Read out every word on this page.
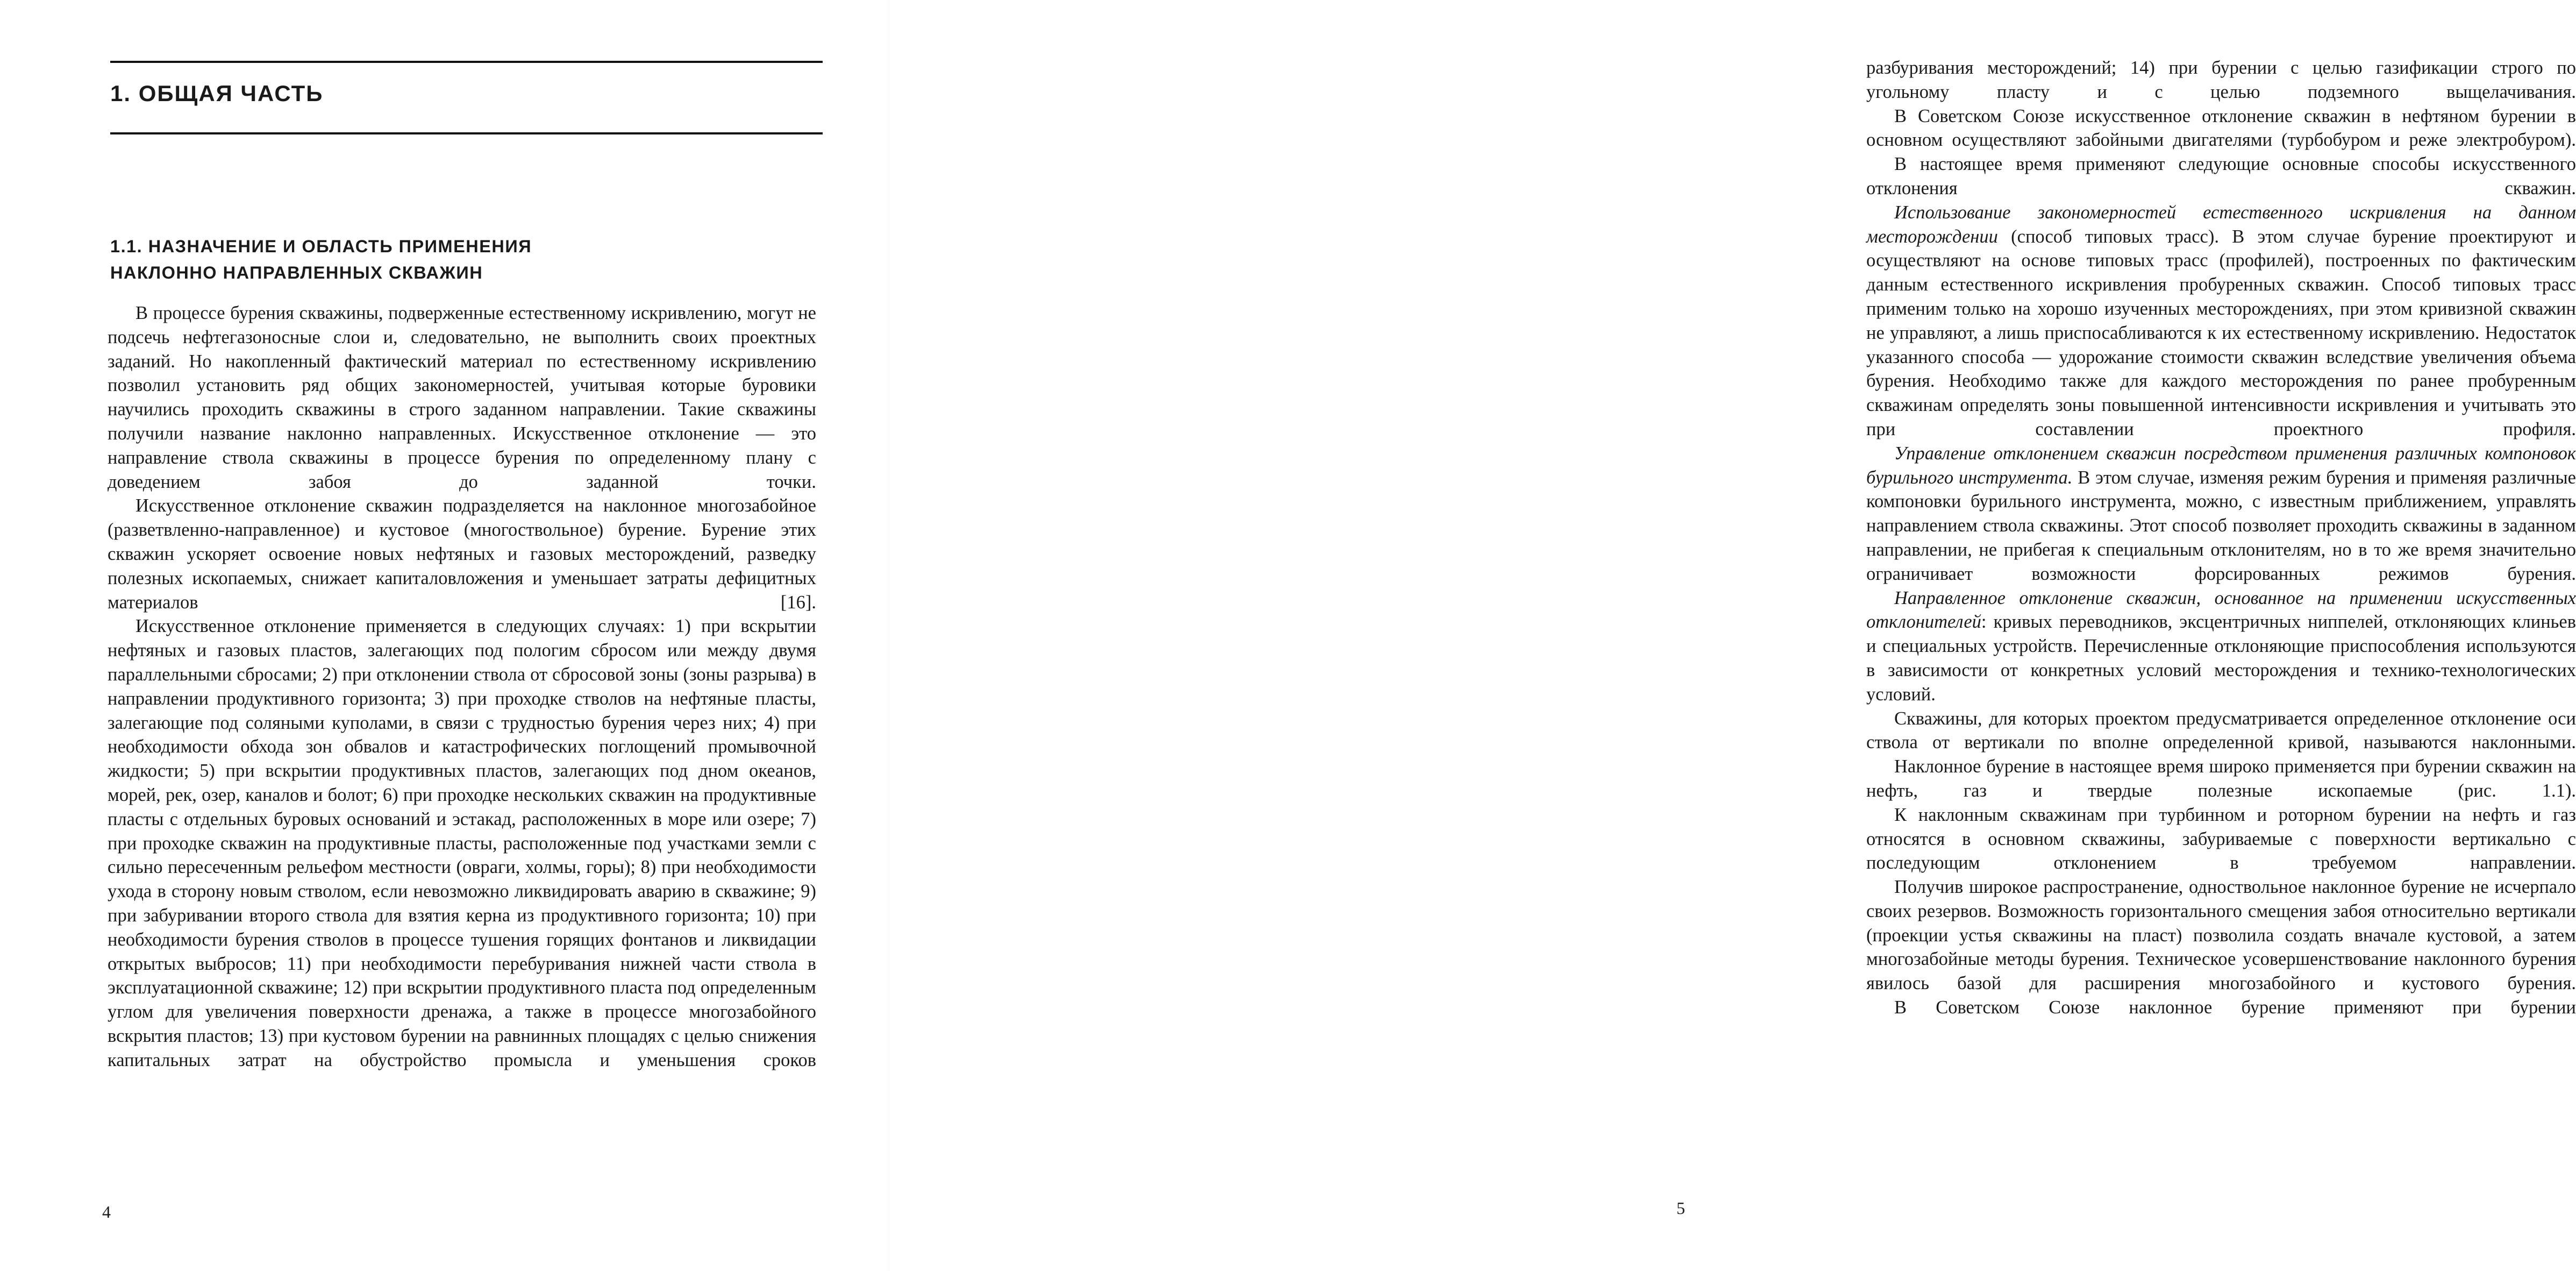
1. ОБЩАЯ ЧАСТЬ
1.1. НАЗНАЧЕНИЕ И ОБЛАСТЬ ПРИМЕНЕНИЯ
НАКЛОННО НАПРАВЛЕННЫХ СКВАЖИН

В процессе бурения скважины, подверженные естественному искривлению, могут не подсечь нефтегазоносные слои и, следовательно, не выполнить своих проектных заданий. Но накопленный фактический материал по естественному искривлению позволил установить ряд общих закономерностей, учитывая которые буровики научились проходить скважины в строго заданном направлении. Такие скважины получили название наклонно направленных. Искусственное отклонение — это направление ствола скважины в процессе бурения по определенному плану с доведением забоя до заданной точки.

Искусственное отклонение скважин подразделяется на наклонное многозабойное (разветвленно-направленное) и кустовое (многоствольное) бурение. Бурение этих скважин ускоряет освоение новых нефтяных и газовых месторождений, разведку полезных ископаемых, снижает капиталовложения и уменьшает затраты дефицитных материалов [16].

Искусственное отклонение применяется в следующих случаях: 1) при вскрытии нефтяных и газовых пластов, залегающих под пологим сбросом или между двумя параллельными сбросами; 2) при отклонении ствола от сбросовой зоны (зоны разрыва) в направлении продуктивного горизонта; 3) при проходке стволов на нефтяные пласты, залегающие под соляными куполами, в связи с трудностью бурения через них; 4) при необходимости обхода зон обвалов и катастрофических поглощений промывочной жидкости; 5) при вскрытии продуктивных пластов, залегающих под дном океанов, морей, рек, озер, каналов и болот; 6) при проходке нескольких скважин на продуктивные пласты с отдельных буровых оснований и эстакад, расположенных в море или озере; 7) при проходке скважин на продуктивные пласты, расположенные под участками земли с сильно пересеченным рельефом местности (овраги, холмы, горы); 8) при необходимости ухода в сторону новым стволом, если невозможно ликвидировать аварию в скважине; 9) при забуривании второго ствола для взятия керна из продуктивного горизонта; 10) при необходимости бурения стволов в процессе тушения горящих фонтанов и ликвидации открытых выбросов; 11) при необходимости перебуривания нижней части ствола в эксплуатационной скважине; 12) при вскрытии продуктивного пласта под определенным углом для увеличения поверхности дренажа, а также в процессе многозабойного вскрытия пластов; 13) при кустовом бурении на равнинных площадях с целью снижения капитальных затрат на обустройство промысла и уменьшения сроков

4

разбуривания месторождений; 14) при бурении с целью газификации строго по угольному пласту и с целью подземного выщелачивания.

В Советском Союзе искусственное отклонение скважин в нефтяном бурении в основном осуществляют забойными двигателями (турбобуром и реже электробуром).

В настоящее время применяют следующие основные способы искусственного отклонения скважин.

Использование закономерностей естественного искривления на данном месторождении (способ типовых трасс). В этом случае бурение проектируют и осуществляют на основе типовых трасс (профилей), построенных по фактическим данным естественного искривления пробуренных скважин. Способ типовых трасс применим только на хорошо изученных месторождениях, при этом кривизной скважин не управляют, а лишь приспосабливаются к их естественному искривлению. Недостаток указанного способа — удорожание стоимости скважин вследствие увеличения объема бурения. Необходимо также для каждого месторождения по ранее пробуренным скважинам определять зоны повышенной интенсивности искривления и учитывать это при составлении проектного профиля.

Управление отклонением скважин посредством применения различных компоновок бурильного инструмента. В этом случае, изменяя режим бурения и применяя различные компоновки бурильного инструмента, можно, с известным приближением, управлять направлением ствола скважины. Этот способ позволяет проходить скважины в заданном направлении, не прибегая к специальным отклонителям, но в то же время значительно ограничивает возможности форсированных режимов бурения.

Направленное отклонение скважин, основанное на применении искусственных отклонителей: кривых переводников, эксцентричных ниппелей, отклоняющих клиньев и специальных устройств. Перечисленные отклоняющие приспособления используются в зависимости от конкретных условий месторождения и технико-технологических условий.

Скважины, для которых проектом предусматривается определенное отклонение оси ствола от вертикали по вполне определенной кривой, называются наклонными.

Наклонное бурение в настоящее время широко применяется при бурении скважин на нефть, газ и твердые полезные ископаемые (рис. 1.1).

К наклонным скважинам при турбинном и роторном бурении на нефть и газ относятся в основном скважины, забуриваемые с поверхности вертикально с последующим отклонением в требуемом направлении.

Получив широкое распространение, одноствольное наклонное бурение не исчерпало своих резервов. Возможность горизонтального смещения забоя относительно вертикали (проекции устья скважины на пласт) позволила создать вначале кустовой, а затем многозабойные методы бурения. Техническое усовершенствование наклонного бурения явилось базой для расширения многозабойного и кустового бурения.

В Советском Союзе наклонное бурение применяют при бурении

5
